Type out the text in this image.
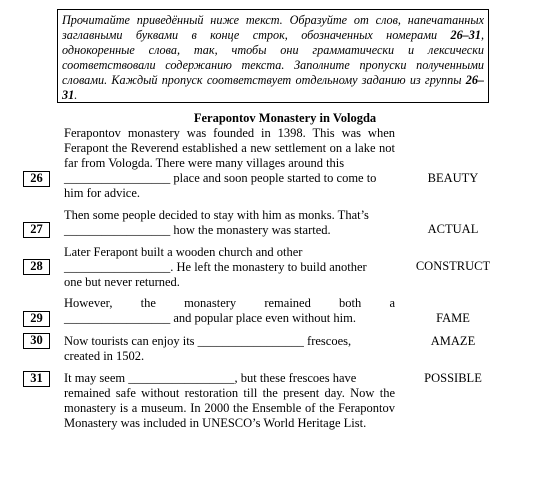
Прочитайте приведённый ниже текст. Образуйте от слов, напечатанных заглавными буквами в конце строк, обозначенных номерами 26–31, однокоренные слова, так, чтобы они грамматически и лексически соответствовали содержанию текста. Заполните пропуски полученными словами. Каждый пропуск соответствует отдельному заданию из группы 26–31.
Ferapontov Monastery in Vologda
Ferapontov monastery was founded in 1398. This was when Ferapont the Reverend established a new settlement on a lake not far from Vologda. There were many villages around this
_________________ place and soon people started to come to
him for advice.
26	BEAUTY
Then some people decided to stay with him as monks. That’s
_________________ how the monastery was started.
27	ACTUAL
Later Ferapont built a wooden church and other
_________________. He left the monastery to build another
one but never returned.
28	CONSTRUCT
However, the monastery remained both a
_________________ and popular place even without him.
29	FAME
Now tourists can enjoy its _________________ frescoes,
created in 1502.
30	AMAZE
It may seem _________________, but these frescoes have
remained safe without restoration till the present day. Now the monastery is a museum. In 2000 the Ensemble of the Ferapontov Monastery was included in UNESCO’s World Heritage List.
31	POSSIBLE
